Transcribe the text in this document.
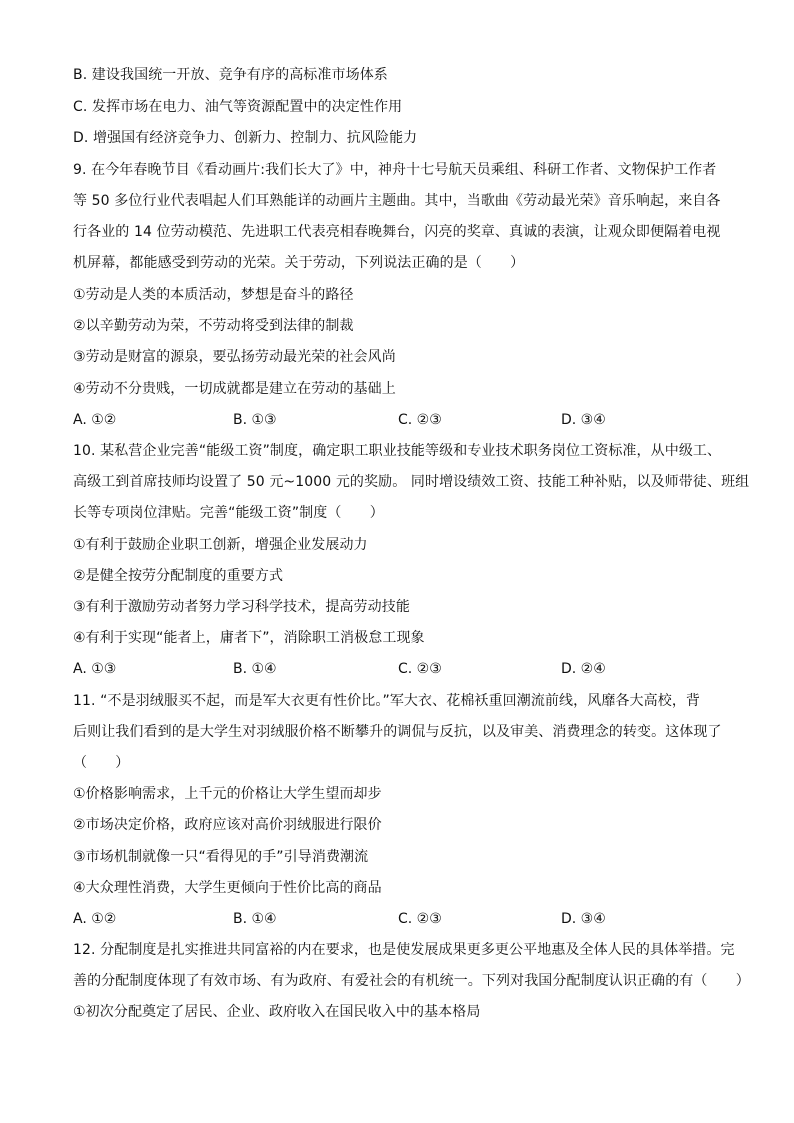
B. 建设我国统一开放、竞争有序的高标准市场体系
C. 发挥市场在电力、油气等资源配置中的决定性作用
D. 增强国有经济竞争力、创新力、控制力、抗风险能力
9. 在今年春晚节目《看动画片:我们长大了》中，神舟十七号航天员乘组、科研工作者、文物保护工作者
等 50 多位行业代表唱起人们耳熟能详的动画片主题曲。其中，当歌曲《劳动最光荣》音乐响起，来自各
行各业的 14 位劳动模范、先进职工代表亮相春晚舞台，闪亮的奖章、真诚的表演，让观众即便隔着电视
机屏幕，都能感受到劳动的光荣。关于劳动，下列说法正确的是（　　）
①劳动是人类的本质活动，梦想是奋斗的路径
②以辛勤劳动为荣，不劳动将受到法律的制裁
③劳动是财富的源泉，要弘扬劳动最光荣的社会风尚
④劳动不分贵贱，一切成就都是建立在劳动的基础上
A. ①②	B. ①③	C. ②③	D. ③④
10. 某私营企业完善“能级工资”制度，确定职工职业技能等级和专业技术职务岗位工资标准，从中级工、
高级工到首席技师均设置了 50 元~1000 元的奖励。 同时增设绩效工资、技能工种补贴，以及师带徒、班组
长等专项岗位津贴。完善“能级工资”制度（　　）
①有利于鼓励企业职工创新，增强企业发展动力
②是健全按劳分配制度的重要方式
③有利于激励劳动者努力学习科学技术，提高劳动技能
④有利于实现“能者上，庸者下”，消除职工消极怠工现象
A. ①③	B. ①④	C. ②③	D. ②④
11. “不是羽绒服买不起，而是军大衣更有性价比。”军大衣、花棉袄重回潮流前线，风靡各大高校，背
后则让我们看到的是大学生对羽绒服价格不断攀升的调侃与反抗，以及审美、消费理念的转变。这体现了
（　　）
①价格影响需求，上千元的价格让大学生望而却步
②市场决定价格，政府应该对高价羽绒服进行限价
③市场机制就像一只“看得见的手”引导消费潮流
④大众理性消费，大学生更倾向于性价比高的商品
A. ①②	B. ①④	C. ②③	D. ③④
12. 分配制度是扎实推进共同富裕的内在要求，也是使发展成果更多更公平地惠及全体人民的具体举措。完
善的分配制度体现了有效市场、有为政府、有爱社会的有机统一。下列对我国分配制度认识正确的有（　　）
①初次分配奠定了居民、企业、政府收入在国民收入中的基本格局
